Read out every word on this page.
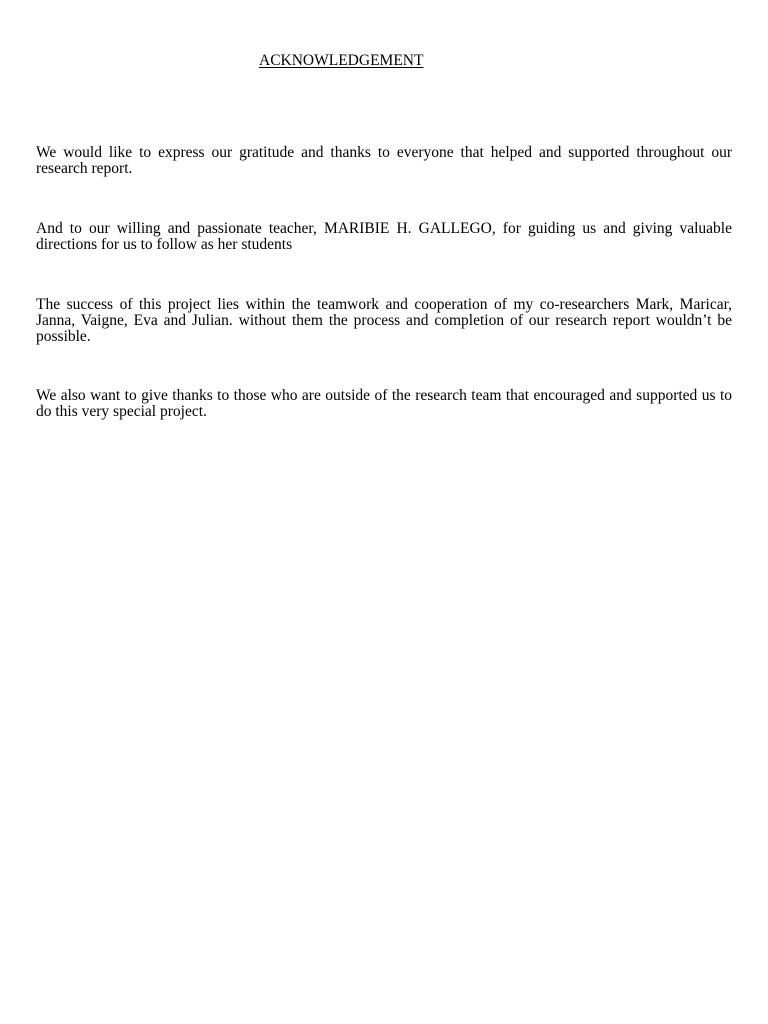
ACKNOWLEDGEMENT

We would like to express our gratitude and thanks to everyone that helped and supported throughout our research report.

And to our willing and passionate teacher, MARIBIE H. GALLEGO, for guiding us and giving valuable directions for us to follow as her students

The success of this project lies within the teamwork and cooperation of my co-researchers Mark, Maricar, Janna, Vaigne, Eva and Julian. without them the process and completion of our research report wouldn’t be possible.

We also want to give thanks to those who are outside of the research team that encouraged and supported us to do this very special project.
